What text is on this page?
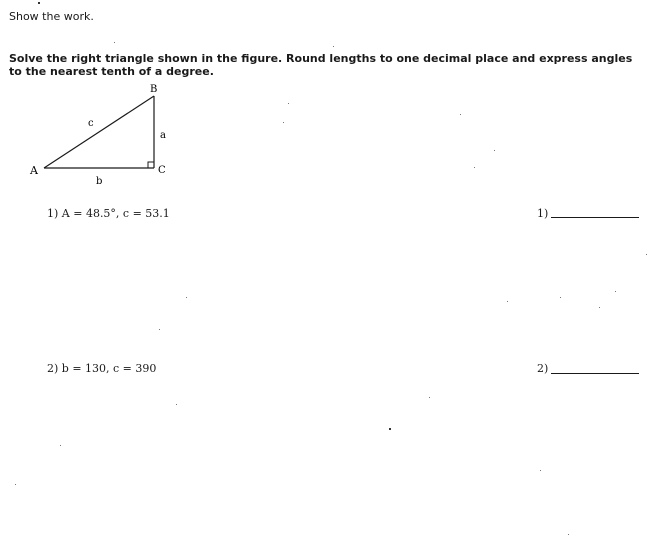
Show the work.
Solve the right triangle shown in the figure. Round lengths to one decimal place and express angles to the nearest tenth of a degree.
A
B
C
a
b
c
1) A = 48.5°, c = 53.1	1)
2) b = 130, c = 390	2)
